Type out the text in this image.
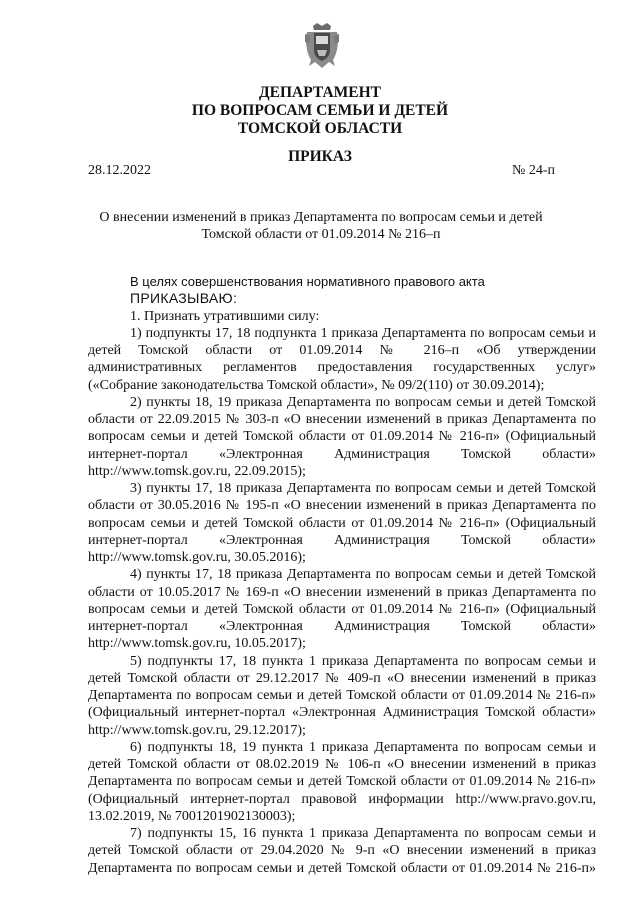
ДЕПАРТАМЕНТ
ПО ВОПРОСАМ СЕМЬИ И ДЕТЕЙ
ТОМСКОЙ ОБЛАСТИ
ПРИКАЗ
28.12.2022	№ 24-п
О внесении изменений в приказ Департамента по вопросам семьи и детей
Томской области от 01.09.2014 № 216–п

В целях совершенствования нормативного правового акта

ПРИКАЗЫВАЮ:

1. Признать утратившими силу:
1) подпункты 17, 18 подпункта 1 приказа Департамента по вопросам семьи и
детей Томской области от 01.09.2014 № 216–п «Об утверждении
административных регламентов предоставления государственных услуг»
(«Собрание законодательства Томской области», № 09/2(110) от 30.09.2014);
2) пункты 18, 19 приказа Департамента по вопросам семьи и детей Томской
области от 22.09.2015 № 303-п «О внесении изменений в приказ Департамента по
вопросам семьи и детей Томской области от 01.09.2014 № 216-п» (Официальный
интернет-портал «Электронная Администрация Томской области»
http://www.tomsk.gov.ru, 22.09.2015);
3) пункты 17, 18 приказа Департамента по вопросам семьи и детей Томской
области от 30.05.2016 № 195-п «О внесении изменений в приказ Департамента по
вопросам семьи и детей Томской области от 01.09.2014 № 216-п» (Официальный
интернет-портал «Электронная Администрация Томской области»
http://www.tomsk.gov.ru, 30.05.2016);
4) пункты 17, 18 приказа Департамента по вопросам семьи и детей Томской
области от 10.05.2017 № 169-п «О внесении изменений в приказ Департамента по
вопросам семьи и детей Томской области от 01.09.2014 № 216-п» (Официальный
интернет-портал «Электронная Администрация Томской области»
http://www.tomsk.gov.ru, 10.05.2017);
5) подпункты 17, 18 пункта 1 приказа Департамента по вопросам семьи и
детей Томской области от 29.12.2017 № 409-п «О внесении изменений в приказ
Департамента по вопросам семьи и детей Томской области от 01.09.2014 № 216-п»
(Официальный интернет-портал «Электронная Администрация Томской области»
http://www.tomsk.gov.ru, 29.12.2017);
6) подпункты 18, 19 пункта 1 приказа Департамента по вопросам семьи и
детей Томской области от 08.02.2019 № 106-п «О внесении изменений в приказ
Департамента по вопросам семьи и детей Томской области от 01.09.2014 № 216-п»
(Официальный интернет-портал правовой информации http://www.pravo.gov.ru,
13.02.2019, № 7001201902130003);
7) подпункты 15, 16 пункта 1 приказа Департамента по вопросам семьи и
детей Томской области от 29.04.2020 № 9-п «О внесении изменений в приказ
Департамента по вопросам семьи и детей Томской области от 01.09.2014 № 216-п»
